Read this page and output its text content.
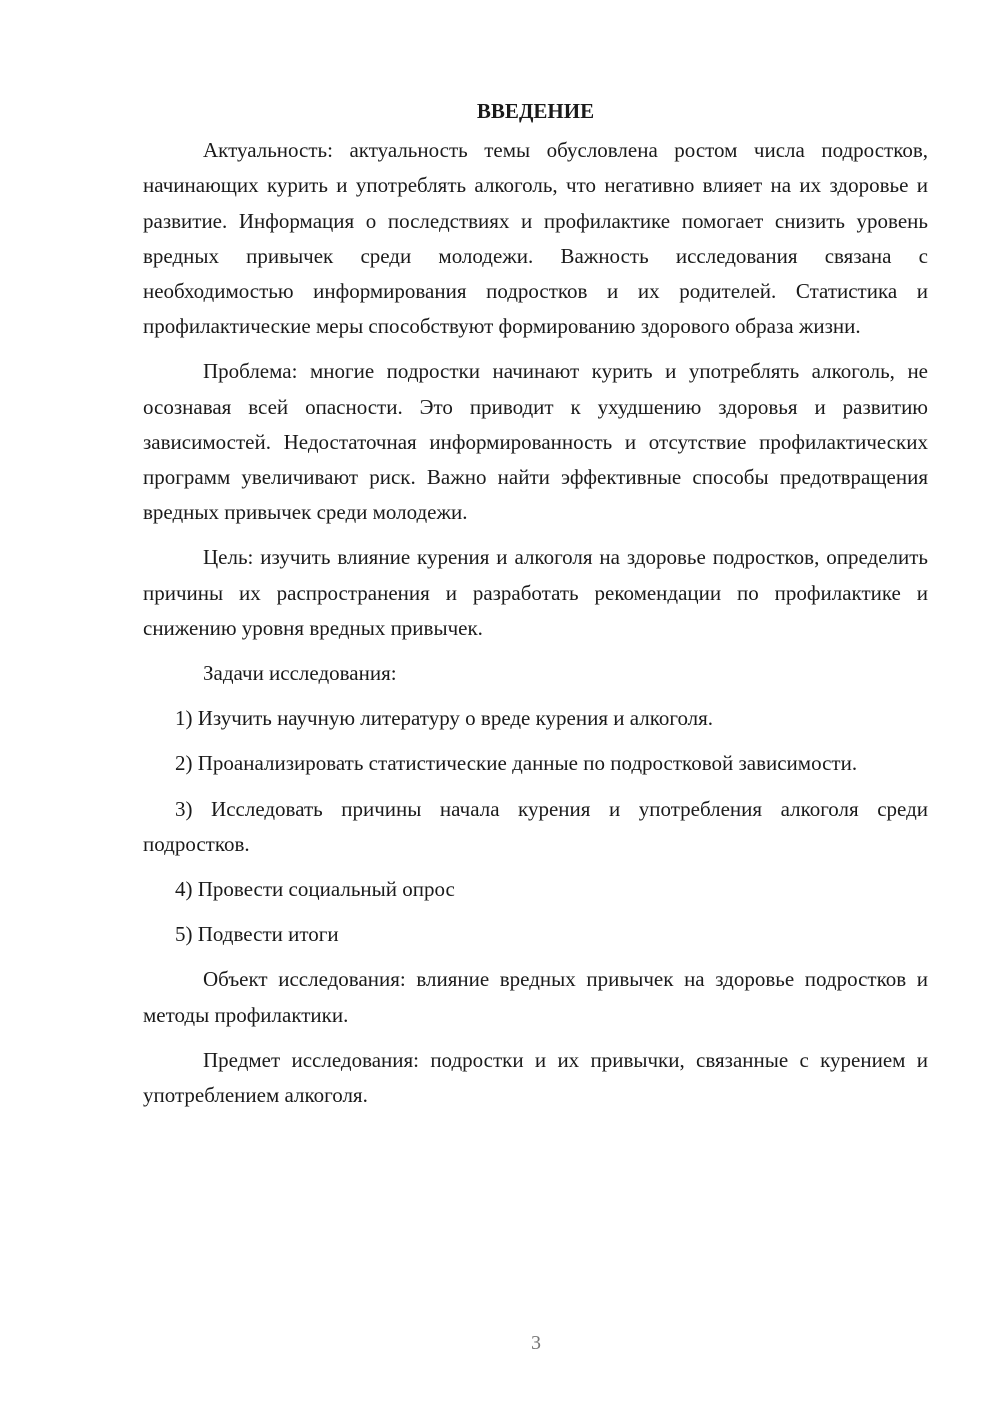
ВВЕДЕНИЕ

Актуальность: актуальность темы обусловлена ростом числа подростков, начинающих курить и употреблять алкоголь, что негативно влияет на их здоровье и развитие. Информация о последствиях и профилактике помогает снизить уровень вредных привычек среди молодежи. Важность исследования связана с необходимостью информирования подростков и их родителей. Статистика и профилактические меры способствуют формированию здорового образа жизни.

Проблема: многие подростки начинают курить и употреблять алкоголь, не осознавая всей опасности. Это приводит к ухудшению здоровья и развитию зависимостей. Недостаточная информированность и отсутствие профилактических программ увеличивают риск. Важно найти эффективные способы предотвращения вредных привычек среди молодежи.

Цель: изучить влияние курения и алкоголя на здоровье подростков, определить причины их распространения и разработать рекомендации по профилактике и снижению уровня вредных привычек.

Задачи исследования:

1) Изучить научную литературу о вреде курения и алкоголя.

2) Проанализировать статистические данные по подростковой зависимости.

3) Исследовать причины начала курения и употребления алкоголя среди подростков.

4) Провести социальный опрос

5) Подвести итоги

Объект исследования: влияние вредных привычек на здоровье подростков и методы профилактики.

Предмет исследования: подростки и их привычки, связанные с курением и употреблением алкоголя.

3
